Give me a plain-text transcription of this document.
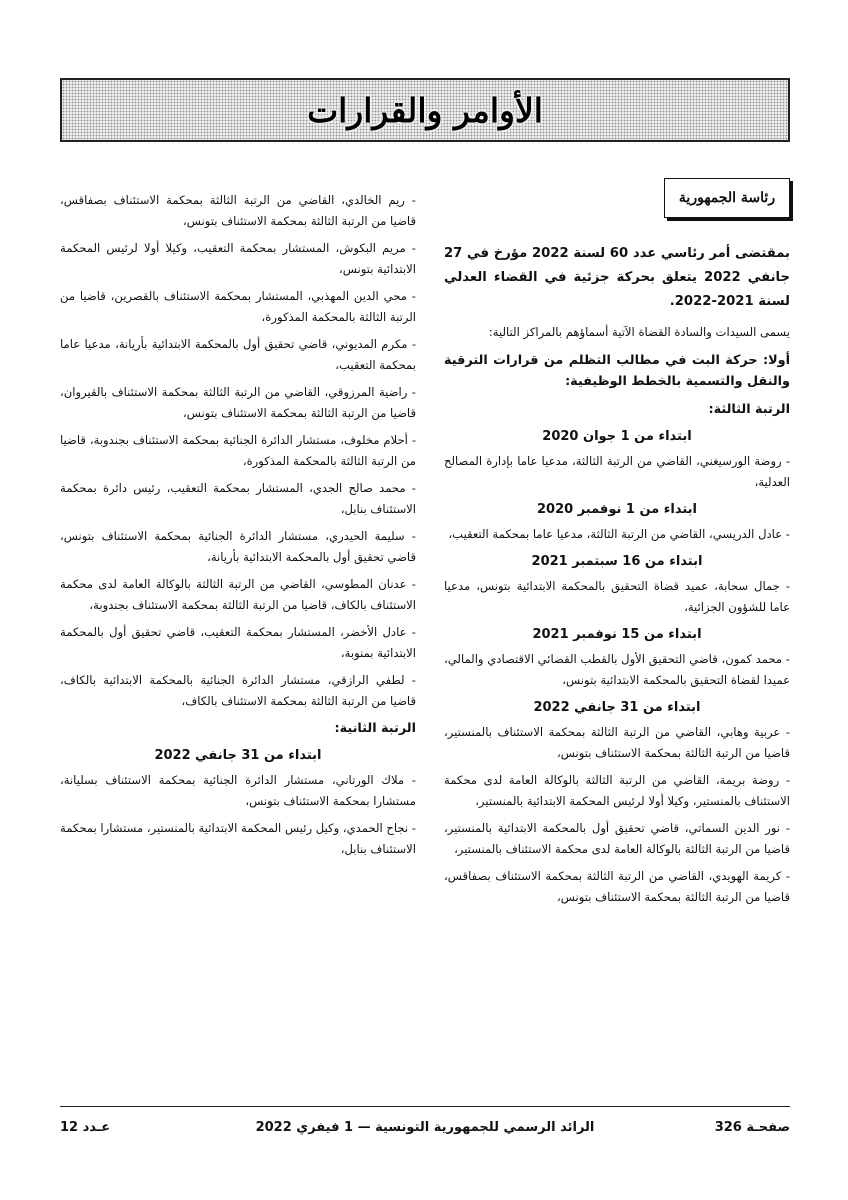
الأوامر والقرارات
رئاسة الجمهورية
بمقتضى أمر رئاسي عدد 60 لسنة 2022 مؤرخ في 27 جانفي 2022 يتعلق بحركة جزئية في القضاء العدلي لسنة 2021-2022.
يسمى السيدات والسادة القضاة الآتية أسماؤهم بالمراكز التالية:
أولا: حركة البت في مطالب التظلم من قرارات الترقية والنقل والتسمية بالخطط الوظيفية:
الرتبة الثالثة:
ابتداء من 1 جوان 2020
- روضة الورسيغني، القاضي من الرتبة الثالثة، مدعيا عاما بإدارة المصالح العدلية،
ابتداء من 1 نوفمبر 2020
- عادل الدريسي، القاضي من الرتبة الثالثة، مدعيا عاما بمحكمة التعقيب،
ابتداء من 16 سبتمبر 2021
- جمال سحابة، عميد قضاة التحقيق بالمحكمة الابتدائية بتونس، مدعيا عاما للشؤون الجزائية،
ابتداء من 15 نوفمبر 2021
- محمد كمون، قاضي التحقيق الأول بالقطب القضائي الاقتصادي والمالي، عميدا لقضاة التحقيق بالمحكمة الابتدائية بتونس،
ابتداء من 31 جانفي 2022
- عربية وهابي، القاضي من الرتبة الثالثة بمحكمة الاستئناف بالمنستير، قاضيا من الرتبة الثالثة بمحكمة الاستئناف بتونس،
- روضة بريمة، القاضي من الرتبة الثالثة بالوكالة العامة لدى محكمة الاستئناف بالمنستير، وكيلا أولا لرئيس المحكمة الابتدائية بالمنستير،
- نور الدين السماتي، قاضي تحقيق أول بالمحكمة الابتدائية بالمنستير، قاضيا من الرتبة الثالثة بالوكالة العامة لدى محكمة الاستئناف بالمنستير،
- كريمة الهويدي، القاضي من الرتبة الثالثة بمحكمة الاستئناف بصفاقس، قاضيا من الرتبة الثالثة بمحكمة الاستئناف بتونس،
- ريم الخالدي، القاضي من الرتبة الثالثة بمحكمة الاستئناف بصفاقس، قاضيا من الرتبة الثالثة بمحكمة الاستئناف بتونس،
- مريم البكوش، المستشار بمحكمة التعقيب، وكيلا أولا لرئيس المحكمة الابتدائية بتونس،
- محي الدين المهذبي، المستشار بمحكمة الاستئناف بالقصرين، قاضيا من الرتبة الثالثة بالمحكمة المذكورة،
- مكرم المديوني، قاضي تحقيق أول بالمحكمة الابتدائية بأريانة، مدعيا عاما بمحكمة التعقيب،
- راضية المرزوقي، القاضي من الرتبة الثالثة بمحكمة الاستئناف بالقيروان، قاضيا من الرتبة الثالثة بمحكمة الاستئناف بتونس،
- أحلام مخلوف، مستشار الدائرة الجنائية بمحكمة الاستئناف بجندوبة، قاضيا من الرتبة الثالثة بالمحكمة المذكورة،
- محمد صالح الجدي، المستشار بمحكمة التعقيب، رئيس دائرة بمحكمة الاستئناف بنابل،
- سليمة الحيدري، مستشار الدائرة الجنائية بمحكمة الاستئناف بتونس، قاضي تحقيق أول بالمحكمة الابتدائية بأريانة،
- عدنان المطوسي، القاضي من الرتبة الثالثة بالوكالة العامة لدى محكمة الاستئناف بالكاف، قاضيا من الرتبة الثالثة بمحكمة الاستئناف بجندوبة،
- عادل الأخضر، المستشار بمحكمة التعقيب، قاضي تحقيق أول بالمحكمة الابتدائية بمنوبة،
- لطفي الرازقي، مستشار الدائرة الجنائية بالمحكمة الابتدائية بالكاف، قاضيا من الرتبة الثالثة بمحكمة الاستئناف بالكاف،
الرتبة الثانية:
ابتداء من 31 جانفي 2022
- ملاك الورتاني، مستشار الدائرة الجنائية بمحكمة الاستئناف بسليانة، مستشارا بمحكمة الاستئناف بتونس،
- نجاح الحمدي، وكيل رئيس المحكمة الابتدائية بالمنستير، مستشارا بمحكمة الاستئناف بنابل،
صفحـة 326
الرائد الرسمي للجمهورية التونسية — 1 فيفري 2022
عـدد 12
